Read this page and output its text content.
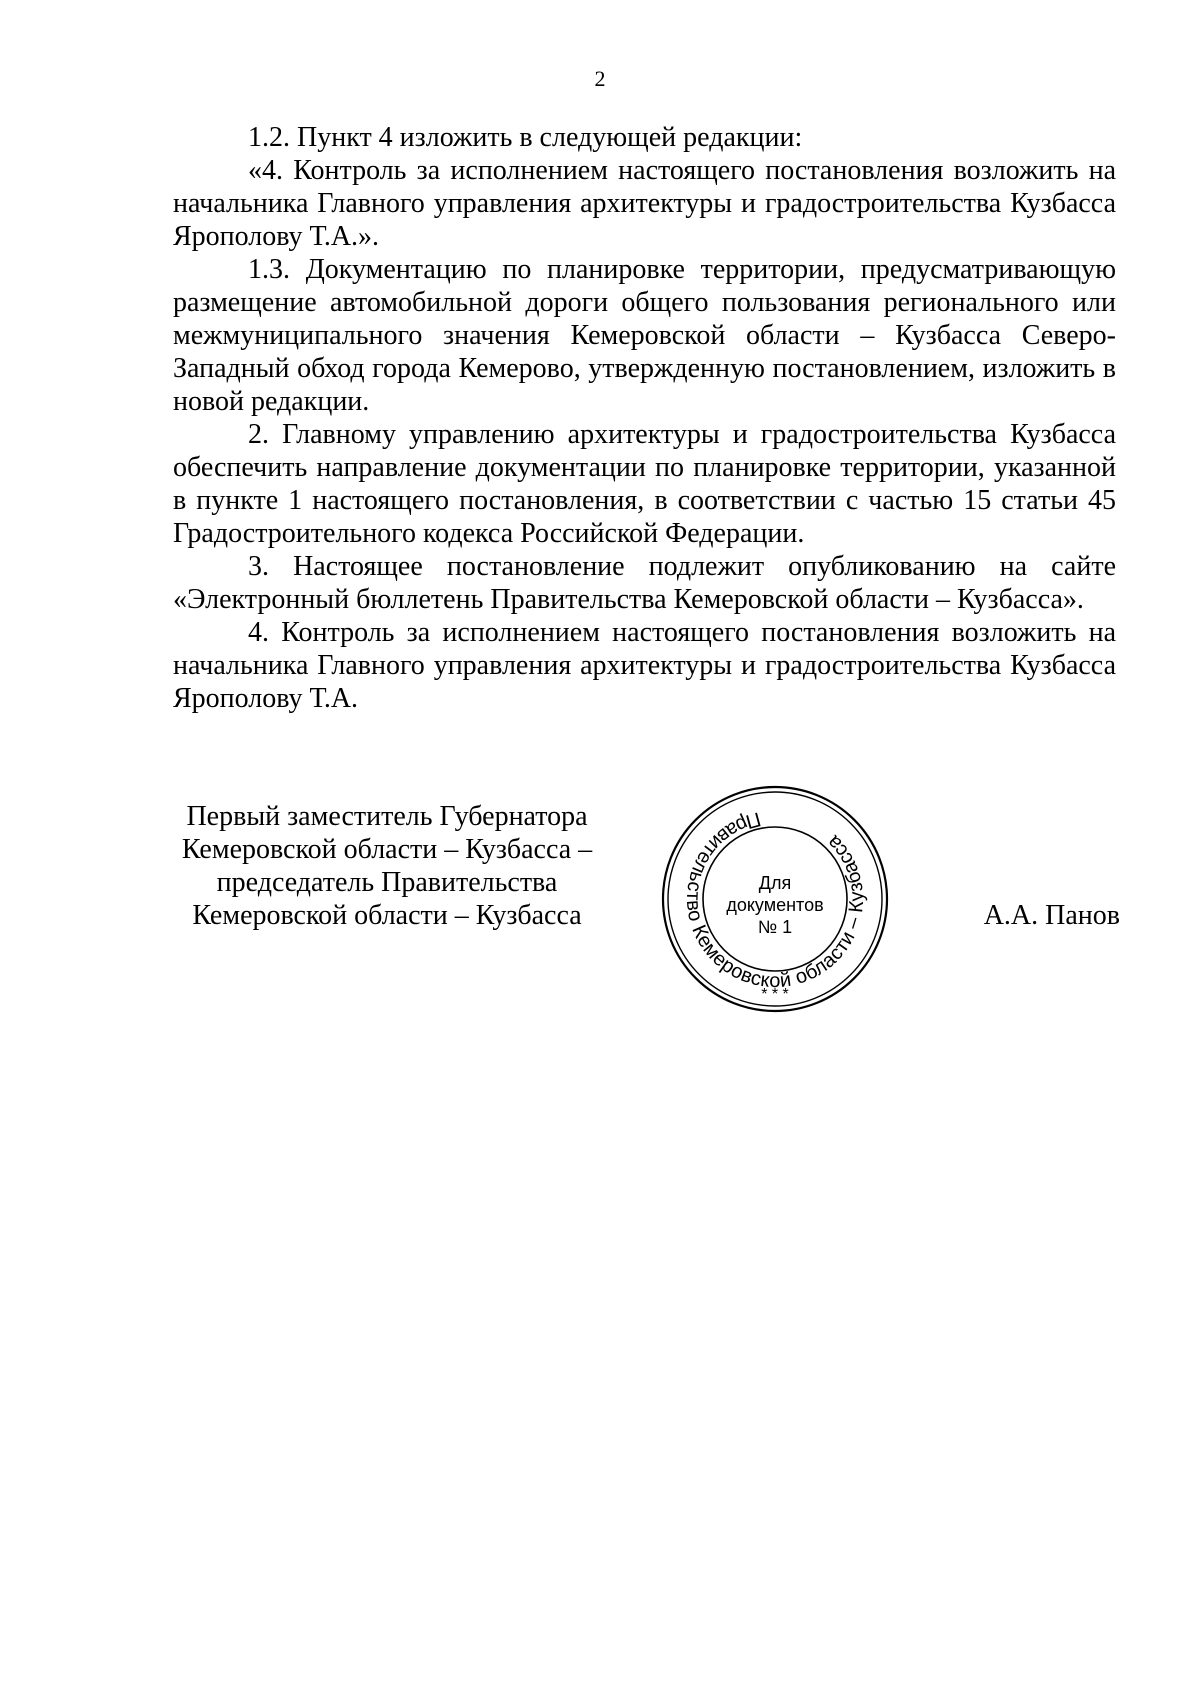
2

1.2. Пункт 4 изложить в следующей редакции:

«4. Контроль за исполнением настоящего постановления возложить на начальника Главного управления архитектуры и градостроительства Кузбасса Ярополову Т.А.».

1.3. Документацию по планировке территории, предусматривающую размещение автомобильной дороги общего пользования регионального или межмуниципального значения Кемеровской области – Кузбасса Северо-Западный обход города Кемерово, утвержденную постановлением, изложить в новой редакции.

2. Главному управлению архитектуры и градостроительства Кузбасса обеспечить направление документации по планировке территории, указанной в пункте 1 настоящего постановления, в соответствии с частью 15 статьи 45 Градостроительного кодекса Российской Федерации.

3. Настоящее постановление подлежит опубликованию на сайте «Электронный бюллетень Правительства Кемеровской области – Кузбасса».

4. Контроль за исполнением настоящего постановления возложить на начальника Главного управления архитектуры и градостроительства Кузбасса Ярополову Т.А.

Первый заместитель Губернатора
Кемеровской области – Кузбасса –
председатель Правительства
Кемеровской области – Кузбасса
Правительство Кемеровской области – Кузбасса
* * *
Для
документов
№ 1	А.А. Панов
